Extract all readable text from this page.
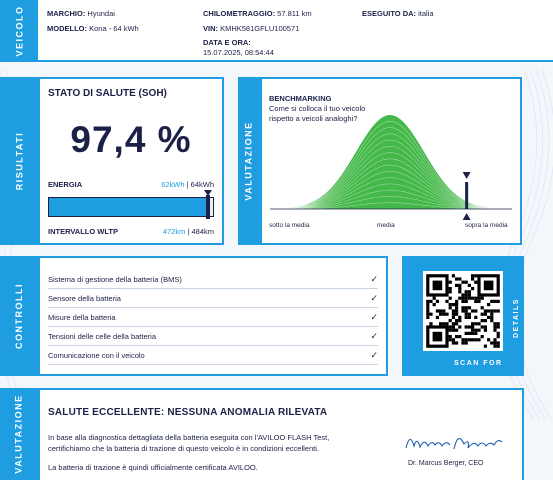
VEICOLO	MARCHIO: Hyundai
MODELLO: Kona - 64 kWh
CHILOMETRAGGIO: 57.811 km
VIN: KMHK581GFLU100571
DATA E ORA:
15.07.2025, 08:54:44
ESEGUITO DA: italia
RISULTATI
STATO DI SALUTE (SOH)
97,4 %
ENERGIA	62kWh | 64kWh
INTERVALLO WLTP	472km | 484km
VALUTAZIONE
BENCHMARKING
Come si colloca il tuo veicolo rispetto a veicoli analoghi?
sotto la media	media	sopra la media
CONTROLLI
Sistema di gestione della batteria (BMS)	✓
Sensore della batteria	✓
Misure della batteria	✓
Tensioni delle celle della batteria	✓
Comunicazione con il veicolo	✓
SCAN FOR
DETAILS
VALUTAZIONE SALUTE ECCELLENTE: NESSUNA ANOMALIA RILEVATA
In base alla diagnostica dettagliata della batteria eseguita con l'AVILOO FLASH Test, certifichiamo che la batteria di trazione di questo veicolo è in condizioni eccellenti.
La batteria di trazione è quindi ufficialmente certificata AVILOO.	Dr. Marcus Berger, CEO
